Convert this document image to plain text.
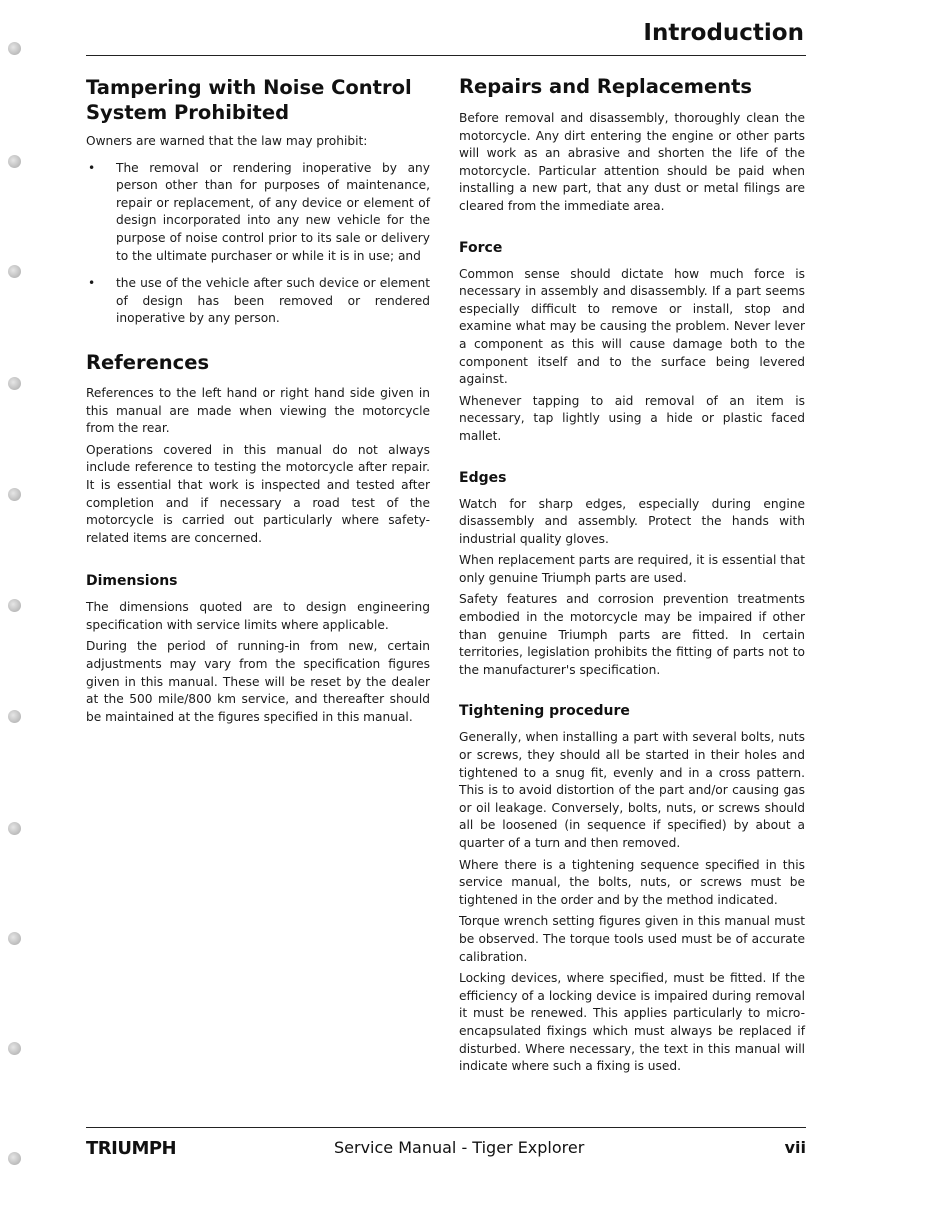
Introduction
Tampering with Noise Control System Prohibited

Owners are warned that the law may prohibit:

• The removal or rendering inoperative by any person other than for purposes of maintenance, repair or replacement, of any device or element of design incorporated into any new vehicle for the purpose of noise control prior to its sale or delivery to the ultimate purchaser or while it is in use; and
• the use of the vehicle after such device or element of design has been removed or rendered inoperative by any person.
References

References to the left hand or right hand side given in this manual are made when viewing the motorcycle from the rear.

Operations covered in this manual do not always include reference to testing the motorcycle after repair. It is essential that work is inspected and tested after completion and if necessary a road test of the motorcycle is carried out particularly where safety-related items are concerned.

Dimensions

The dimensions quoted are to design engineering specification with service limits where applicable.

During the period of running-in from new, certain adjustments may vary from the specification figures given in this manual. These will be reset by the dealer at the 500 mile/800 km service, and thereafter should be maintained at the figures specified in this manual.

Repairs and Replacements

Before removal and disassembly, thoroughly clean the motorcycle. Any dirt entering the engine or other parts will work as an abrasive and shorten the life of the motorcycle. Particular attention should be paid when installing a new part, that any dust or metal filings are cleared from the immediate area.

Force

Common sense should dictate how much force is necessary in assembly and disassembly. If a part seems especially difficult to remove or install, stop and examine what may be causing the problem. Never lever a component as this will cause damage both to the component itself and to the surface being levered against.

Whenever tapping to aid removal of an item is necessary, tap lightly using a hide or plastic faced mallet.

Edges

Watch for sharp edges, especially during engine disassembly and assembly. Protect the hands with industrial quality gloves.

When replacement parts are required, it is essential that only genuine Triumph parts are used.

Safety features and corrosion prevention treatments embodied in the motorcycle may be impaired if other than genuine Triumph parts are fitted. In certain territories, legislation prohibits the fitting of parts not to the manufacturer's specification.

Tightening procedure

Generally, when installing a part with several bolts, nuts or screws, they should all be started in their holes and tightened to a snug fit, evenly and in a cross pattern. This is to avoid distortion of the part and/or causing gas or oil leakage. Conversely, bolts, nuts, or screws should all be loosened (in sequence if specified) by about a quarter of a turn and then removed.

Where there is a tightening sequence specified in this service manual, the bolts, nuts, or screws must be tightened in the order and by the method indicated.

Torque wrench setting figures given in this manual must be observed. The torque tools used must be of accurate calibration.

Locking devices, where specified, must be fitted. If the efficiency of a locking device is impaired during removal it must be renewed. This applies particularly to micro-encapsulated fixings which must always be replaced if disturbed. Where necessary, the text in this manual will indicate where such a fixing is used.

TRIUMPH	Service Manual - Tiger Explorer	vii
